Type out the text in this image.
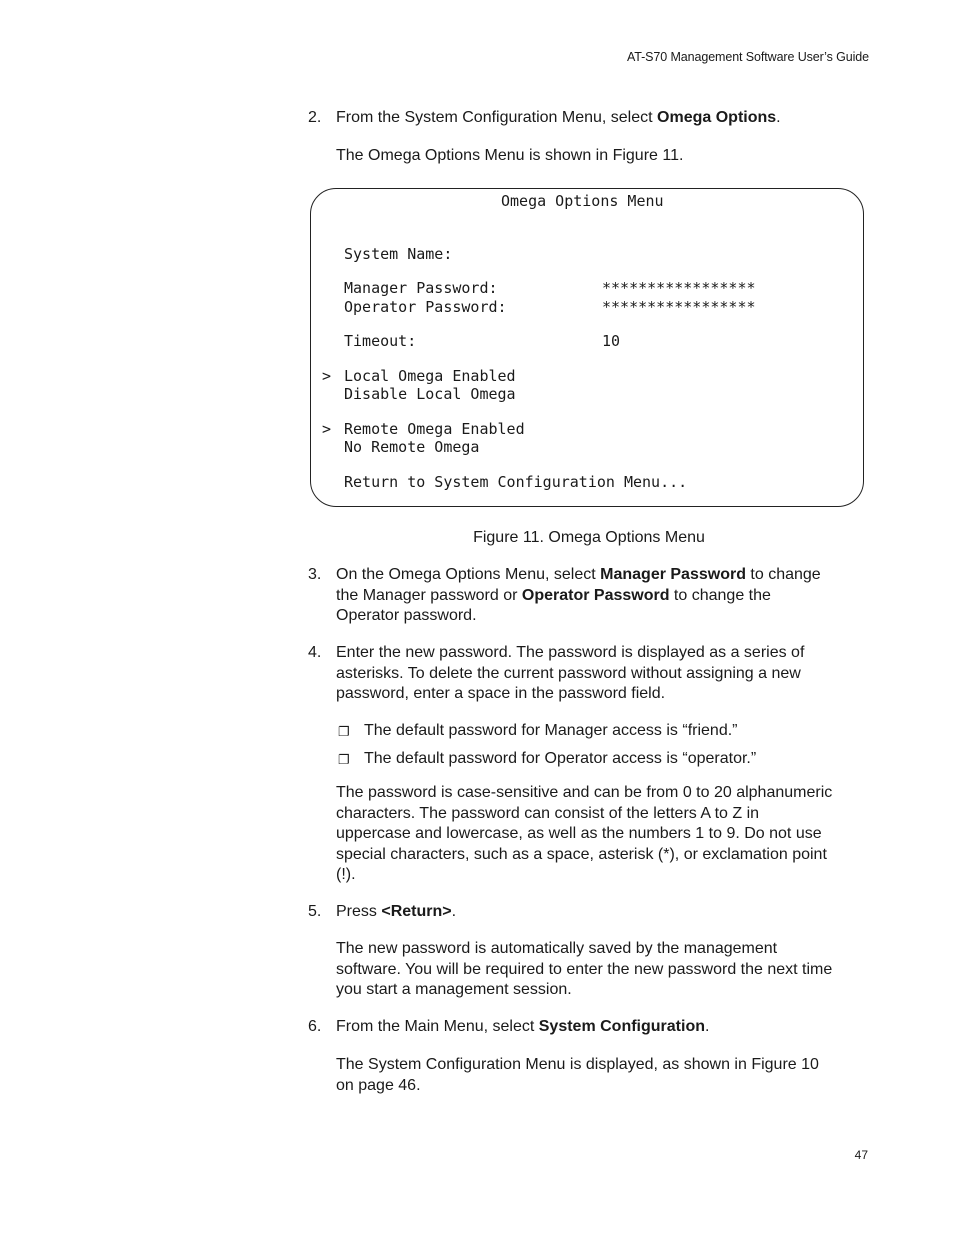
AT-S70 Management Software User’s Guide
47
2. From the System Configuration Menu, select Omega Options.
The Omega Options Menu is shown in Figure 11.
Omega Options Menu
System Name:
Manager Password:	*****************
Operator Password:	*****************
Timeout:	10
> Local Omega Enabled
Disable Local Omega
> Remote Omega Enabled
No Remote Omega
Return to System Configuration Menu...
Figure 11. Omega Options Menu
3. On the Omega Options Menu, select Manager Password to change
the Manager password or Operator Password to change the
Operator password.
4. Enter the new password. The password is displayed as a series of
asterisks. To delete the current password without assigning a new
password, enter a space in the password field.
❐ The default password for Manager access is “friend.”
❐ The default password for Operator access is “operator.”
The password is case-sensitive and can be from 0 to 20 alphanumeric
characters. The password can consist of the letters A to Z in
uppercase and lowercase, as well as the numbers 1 to 9. Do not use
special characters, such as a space, asterisk (*), or exclamation point
(!).
5. Press <Return>.
The new password is automatically saved by the management
software. You will be required to enter the new password the next time
you start a management session.
6. From the Main Menu, select System Configuration.
The System Configuration Menu is displayed, as shown in Figure 10
on page 46.
